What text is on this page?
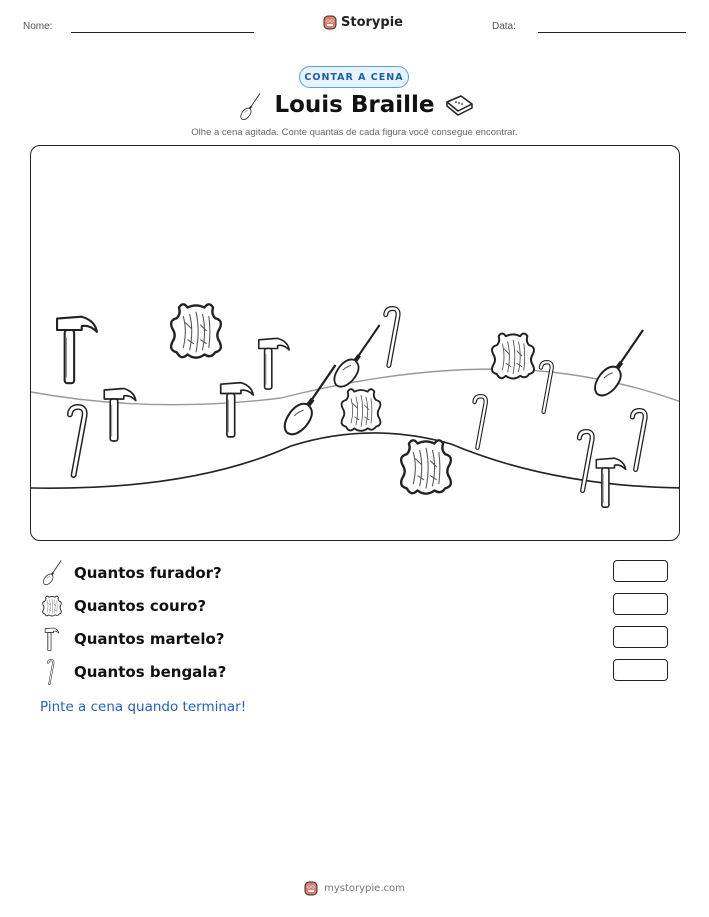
Nome:	Storypie	Data:
CONTAR A CENA
Louis Braille
Olhe a cena agitada. Conte quantas de cada figura você consegue encontrar.
Quantos furador?
Quantos couro?
Quantos martelo?
Quantos bengala?
Pinte a cena quando terminar!
mystorypie.com
